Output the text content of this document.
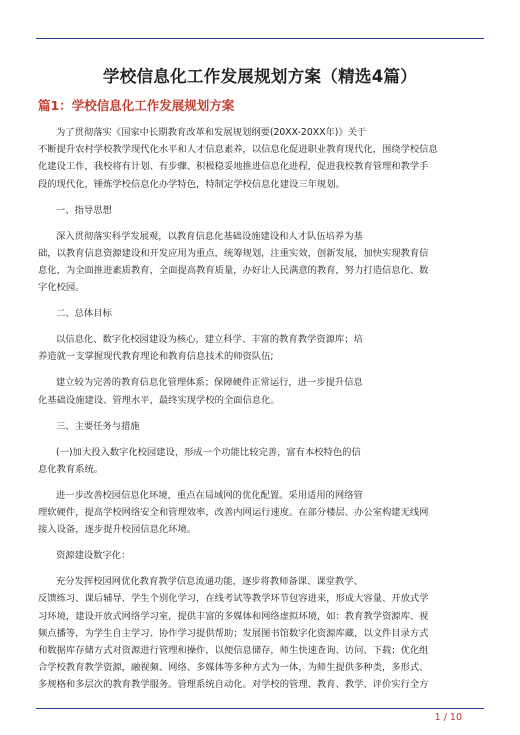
学校信息化工作发展规划方案（精选4篇）
篇1：学校信息化工作发展规划方案

为了贯彻落实《国家中长期教育改革和发展规划纲要(20XX-20XX年)》关于
不断提升农村学校教学现代化水平和人才信息素养，以信息化促进职业教育现代化，围绕学校信息
化建设工作，我校将有计划、有步骤、积极稳妥地推进信息化进程，促进我校教育管理和教学手
段的现代化，锤炼学校信息化办学特色，特制定学校信息化建设三年规划。

一、指导思想

深入贯彻落实科学发展观，以教育信息化基础设施建设和人才队伍培养为基
础，以教育信息资源建设和开发应用为重点，统筹规划，注重实效，创新发展，加快实现教育信
息化，为全面推进素质教育，全面提高教育质量，办好让人民满意的教育，努力打造信息化、数
字化校园。

二、总体目标

以信息化、数字化校园建设为核心，建立科学、丰富的教育教学资源库；培
养造就一支掌握现代教育理论和教育信息技术的师资队伍;

建立较为完善的教育信息化管理体系；保障硬件正常运行，进一步提升信息
化基础设施建设、管理水平，最终实现学校的全面信息化。

三、主要任务与措施

(一)加大投入数字化校园建设，形成一个功能比较完善，富有本校特色的信
息化教育系统。

进一步改善校园信息化环境，重点在局域网的优化配置。采用适用的网络管
理软硬件，提高学校网络安全和管理效率，改善内网运行速度。在部分楼层、办公室构建无线网
接入设备，逐步提升校园信息化环境。

资源建设数字化：

充分发挥校园网优化教育教学信息流通功能，逐步将教师备课、课堂教学、
反馈练习、课后辅导、学生个别化学习，在线考试等教学环节包容进来，形成大容量、开放式学
习环境，建设开放式网络学习室，提供丰富的多媒体和网络虚拟环境，如：教育教学资源库、视
频点播等，为学生自主学习、协作学习提供帮助；发展图书馆数字化资源库藏，以文件目录方式
和数据库存储方式对资源进行管理和操作，以便信息储存，师生快速查询、访问、下载；优化组
合学校教育教学资源，融视频、网络、多媒体等多种方式为一体，为师生提供多种类，多形式、
多规格和多层次的教育教学服务。管理系统自动化。对学校的管理、教育、教学、评价实行全方

1 / 10
